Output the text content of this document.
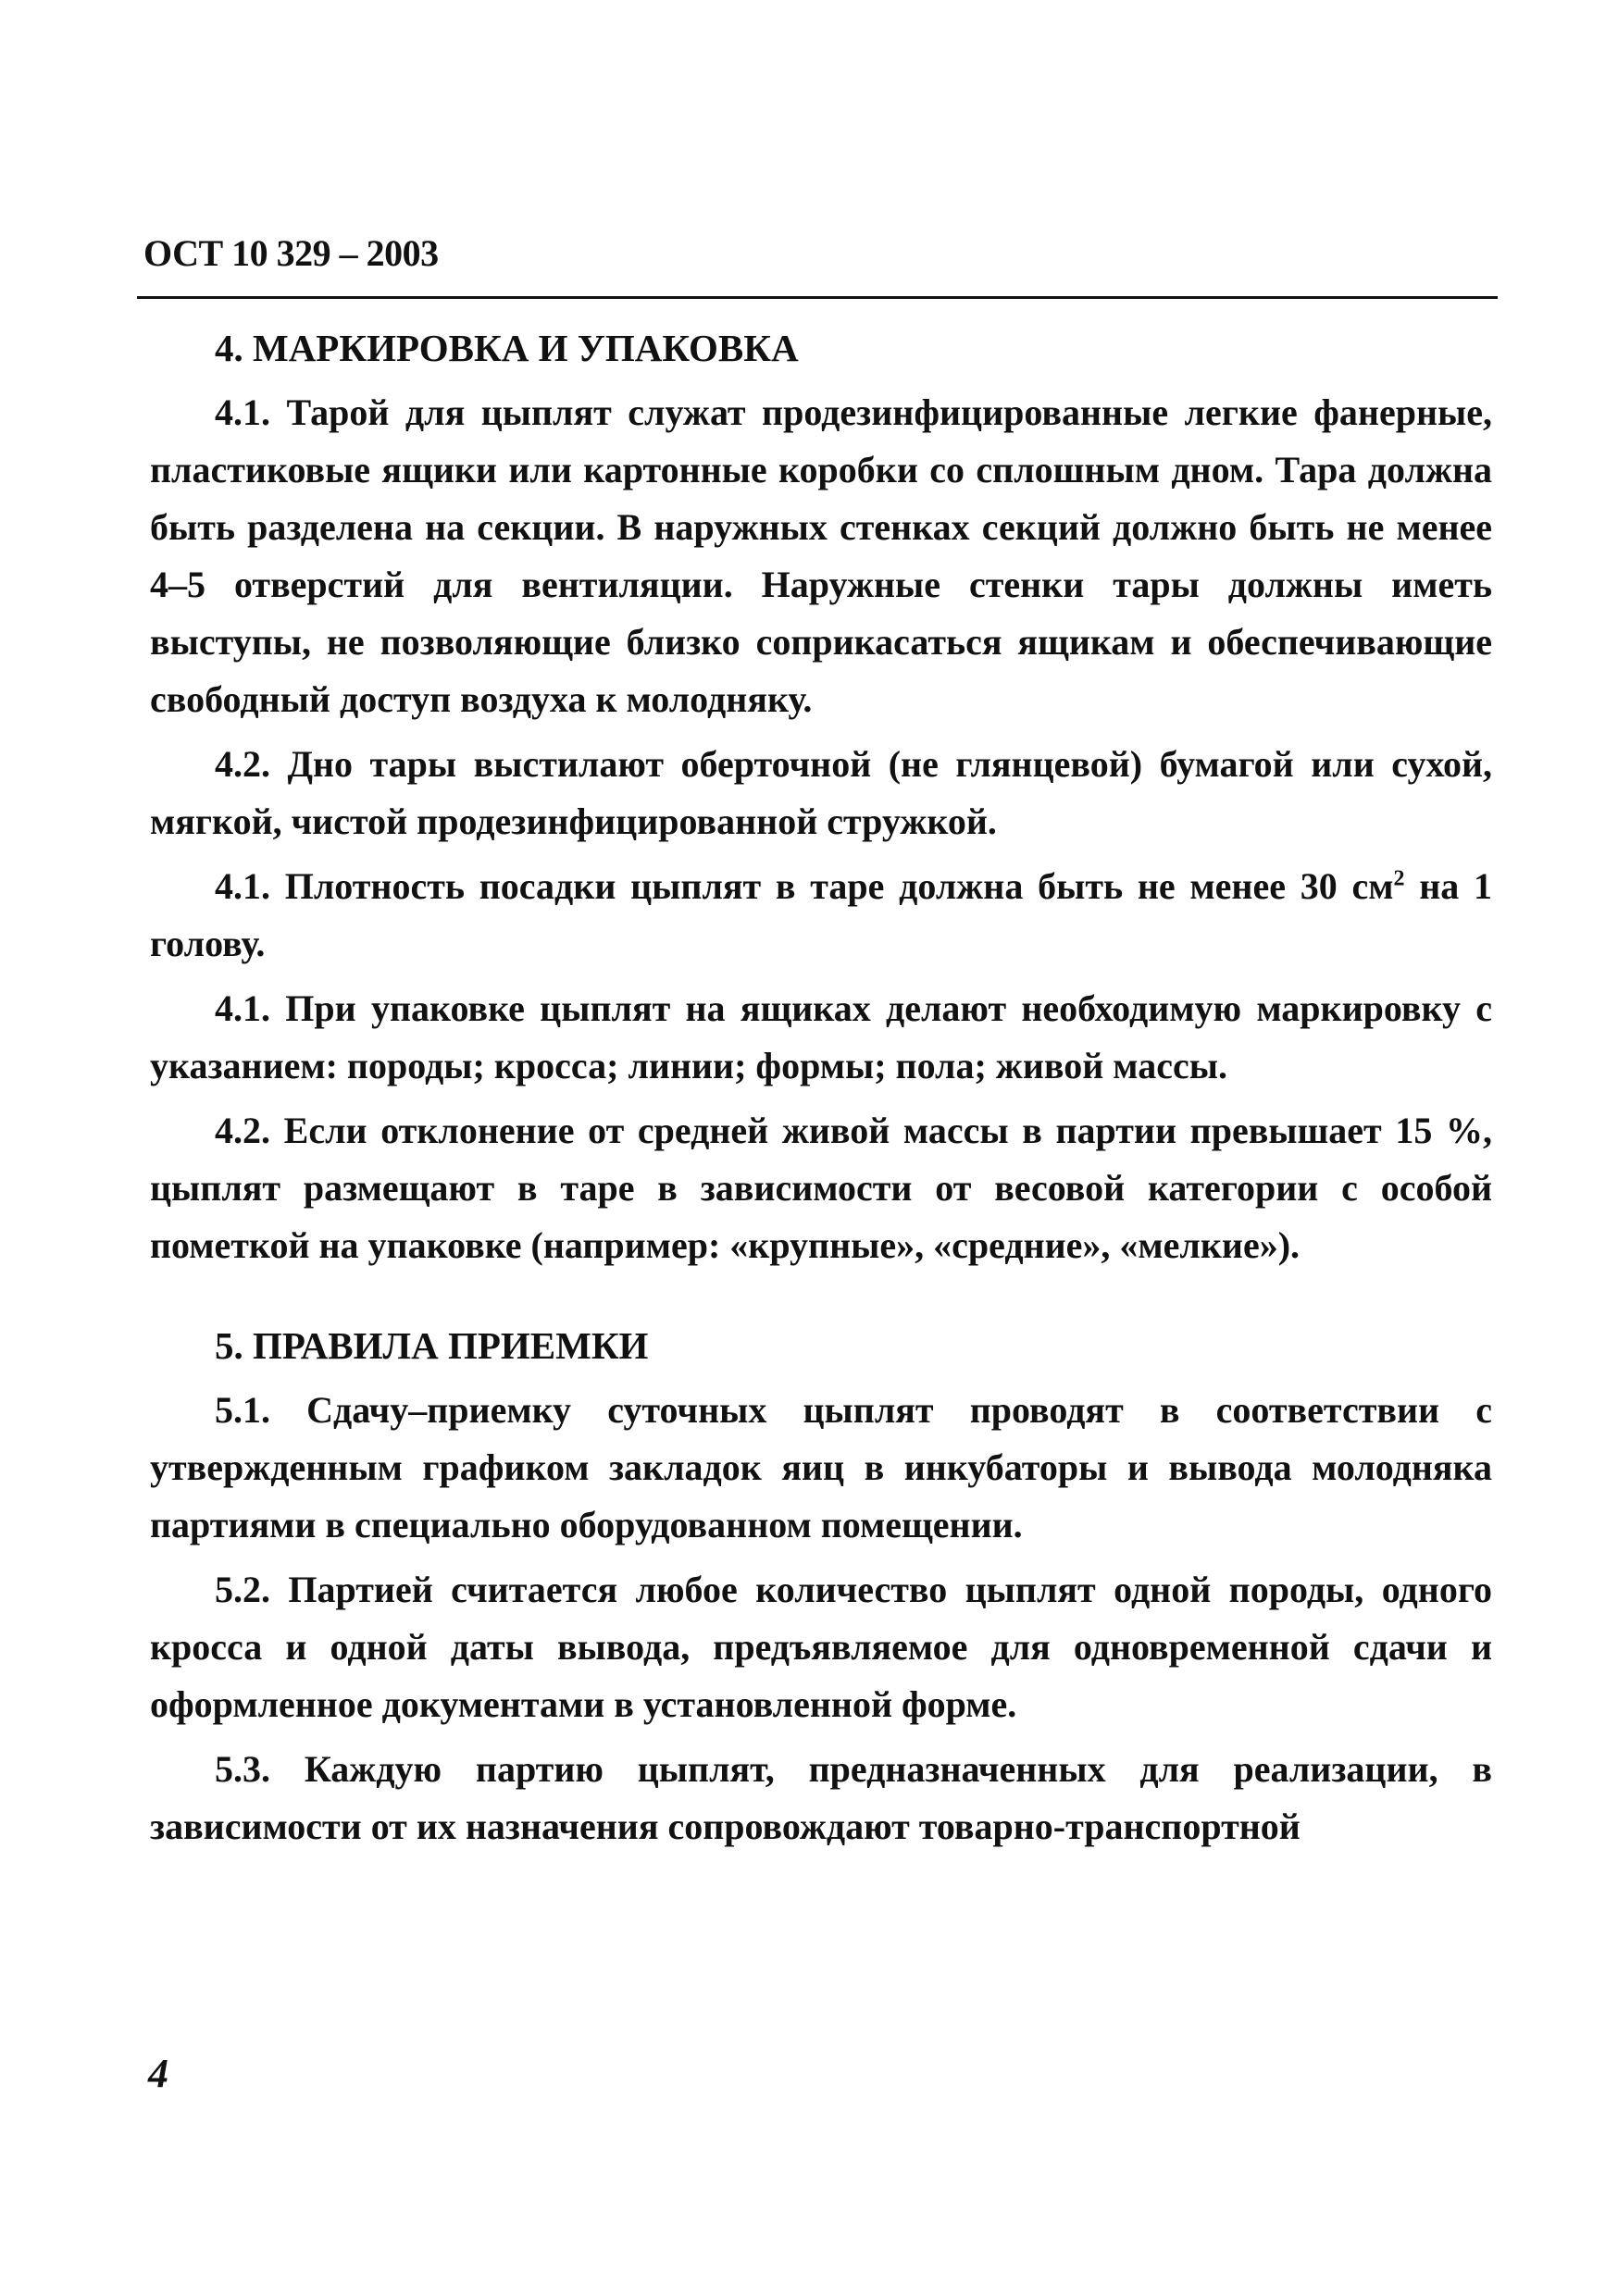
ОСТ 10 329 – 2003
4. МАРКИРОВКА И УПАКОВКА

4.1. Тарой для цыплят служат продезинфицированные легкие фанерные, пластиковые ящики или картонные коробки со сплошным дном. Тара должна быть разделена на секции. В наружных стенках секций должно быть не менее 4–5 отверстий для вентиляции. Наружные стенки тары должны иметь выступы, не позволяющие близко соприкасаться ящикам и обеспечивающие свободный доступ воздуха к молодняку.

4.2. Дно тары выстилают оберточной (не глянцевой) бумагой или сухой, мягкой, чистой продезинфицированной стружкой.

4.1. Плотность посадки цыплят в таре должна быть не менее 30 $см^2$ на 1 голову.

4.1. При упаковке цыплят на ящиках делают необходимую маркировку с указанием: породы; кросса; линии; формы; пола; живой массы.

4.2. Если отклонение от средней живой массы в партии превышает 15 %, цыплят размещают в таре в зависимости от весовой категории с особой пометкой на упаковке (например: «крупные», «средние», «мелкие»).

5. ПРАВИЛА ПРИЕМКИ

5.1. Сдачу–приемку суточных цыплят проводят в соответствии с утвержденным графиком закладок яиц в инкубаторы и вывода молодняка партиями в специально оборудованном помещении.

5.2. Партией считается любое количество цыплят одной породы, одного кросса и одной даты вывода, предъявляемое для одновременной сдачи и оформленное документами в установленной форме.

5.3. Каждую партию цыплят, предназначенных для реализации, в зависимости от их назначения сопровождают товарно-транспортной

4
